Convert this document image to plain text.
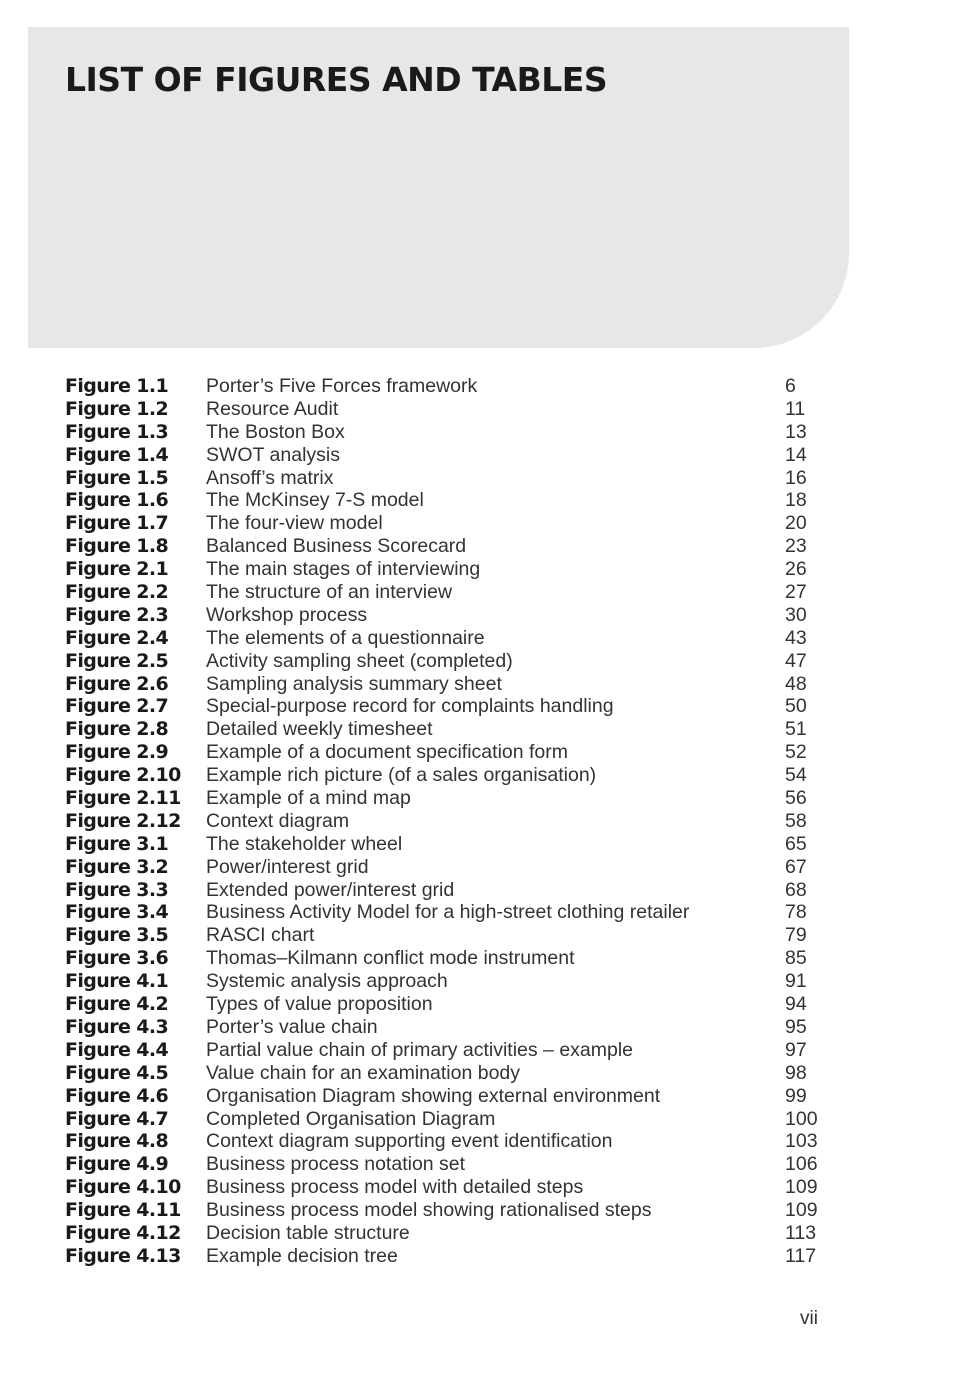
LIST OF FIGURES AND TABLES
Figure 1.1 Porter’s Five Forces framework	6
Figure 1.2 Resource Audit	11
Figure 1.3 The Boston Box	13
Figure 1.4 SWOT analysis	14
Figure 1.5 Ansoff’s matrix	16
Figure 1.6 The McKinsey 7-S model	18
Figure 1.7 The four-view model	20
Figure 1.8 Balanced Business Scorecard	23
Figure 2.1 The main stages of interviewing	26
Figure 2.2 The structure of an interview	27
Figure 2.3 Workshop process	30
Figure 2.4 The elements of a questionnaire	43
Figure 2.5 Activity sampling sheet (completed)	47
Figure 2.6 Sampling analysis summary sheet	48
Figure 2.7 Special-purpose record for complaints handling	50
Figure 2.8 Detailed weekly timesheet	51
Figure 2.9 Example of a document specification form	52
Figure 2.10 Example rich picture (of a sales organisation)	54
Figure 2.11 Example of a mind map	56
Figure 2.12 Context diagram	58
Figure 3.1 The stakeholder wheel	65
Figure 3.2 Power/interest grid	67
Figure 3.3 Extended power/interest grid	68
Figure 3.4 Business Activity Model for a high-street clothing retailer	78
Figure 3.5 RASCI chart	79
Figure 3.6 Thomas–Kilmann conflict mode instrument	85
Figure 4.1 Systemic analysis approach	91
Figure 4.2 Types of value proposition	94
Figure 4.3 Porter’s value chain	95
Figure 4.4 Partial value chain of primary activities – example	97
Figure 4.5 Value chain for an examination body	98
Figure 4.6 Organisation Diagram showing external environment	99
Figure 4.7 Completed Organisation Diagram	100
Figure 4.8 Context diagram supporting event identification	103
Figure 4.9 Business process notation set	106
Figure 4.10 Business process model with detailed steps	109
Figure 4.11 Business process model showing rationalised steps	109
Figure 4.12 Decision table structure	113
Figure 4.13 Example decision tree	117
vii
